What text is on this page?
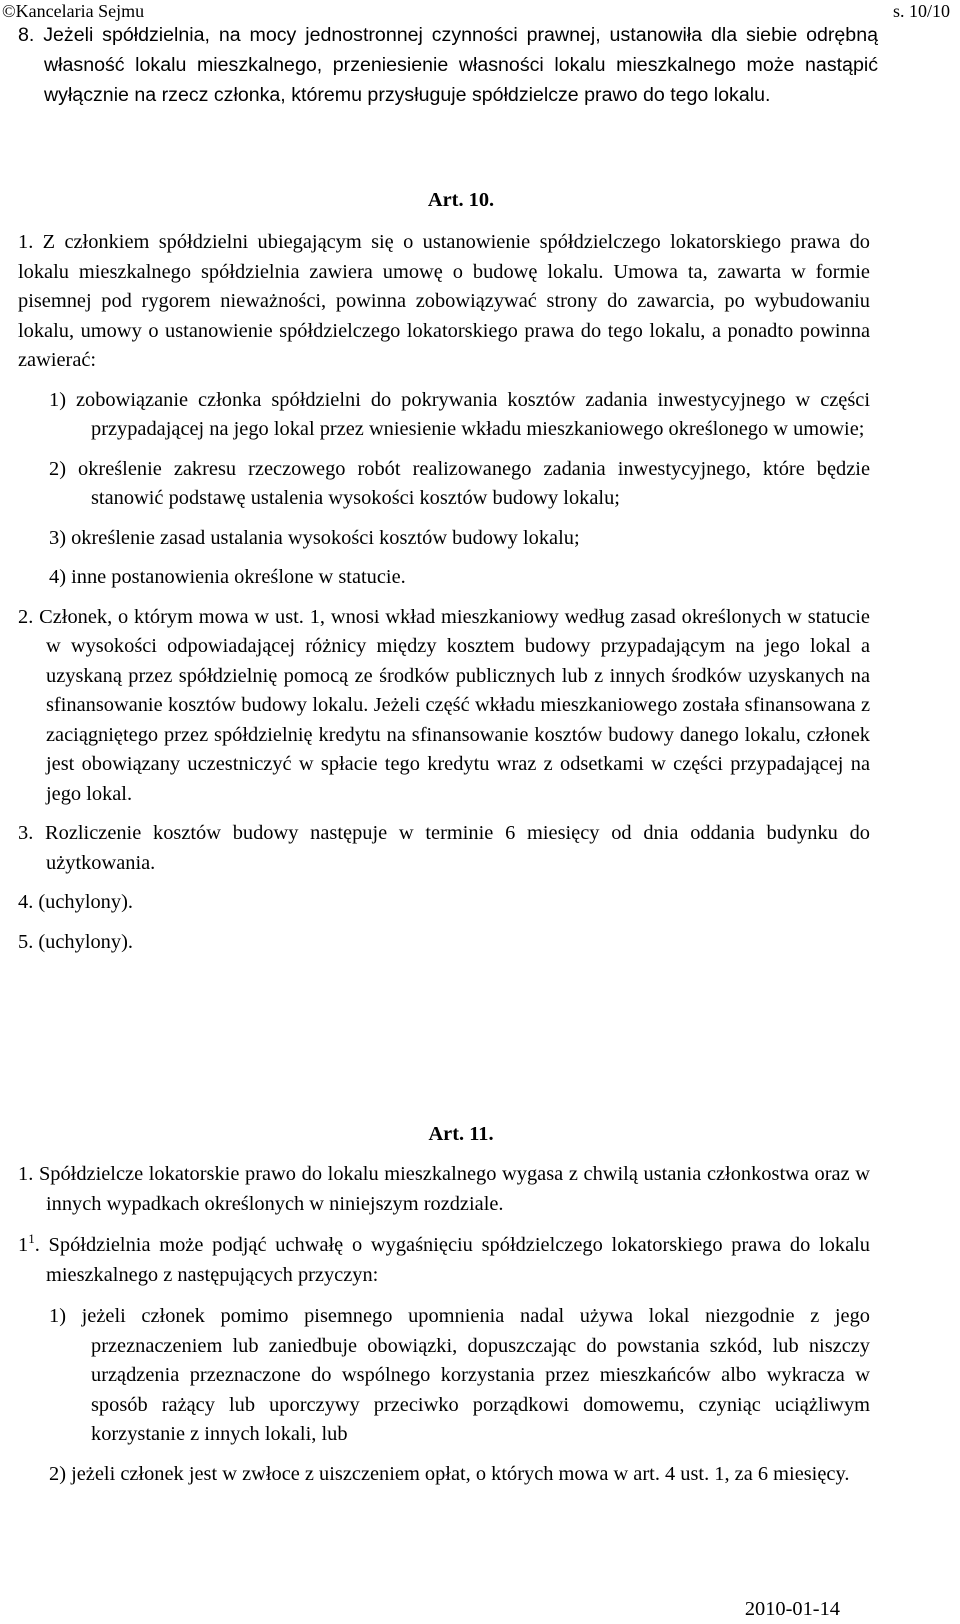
©Kancelaria Sejmu	s. 10/10

8. Jeżeli spółdzielnia, na mocy jednostronnej czynności prawnej, ustanowiła dla siebie odrębną własność lokalu mieszkalnego, przeniesienie własności lokalu mieszkalnego może nastąpić wyłącznie na rzecz członka, któremu przysługuje spółdzielcze prawo do tego lokalu.

Art. 10.

1. Z członkiem spółdzielni ubiegającym się o ustanowienie spółdzielczego lokatorskiego prawa do lokalu mieszkalnego spółdzielnia zawiera umowę o budowę lokalu. Umowa ta, zawarta w formie pisemnej pod rygorem nieważności, powinna zobowiązywać strony do zawarcia, po wybudowaniu lokalu, umowy o ustanowienie spółdzielczego lokatorskiego prawa do tego lokalu, a ponadto powinna zawierać:

1) zobowiązanie członka spółdzielni do pokrywania kosztów zadania inwestycyjnego w części przypadającej na jego lokal przez wniesienie wkładu mieszkaniowego określonego w umowie;

2) określenie zakresu rzeczowego robót realizowanego zadania inwestycyjnego, które będzie stanowić podstawę ustalenia wysokości kosztów budowy lokalu;

3) określenie zasad ustalania wysokości kosztów budowy lokalu;

4) inne postanowienia określone w statucie.

2. Członek, o którym mowa w ust. 1, wnosi wkład mieszkaniowy według zasad określonych w statucie w wysokości odpowiadającej różnicy między kosztem budowy przypadającym na jego lokal a uzyskaną przez spółdzielnię pomocą ze środków publicznych lub z innych środków uzyskanych na sfinansowanie kosztów budowy lokalu. Jeżeli część wkładu mieszkaniowego została sfinansowana z zaciągniętego przez spółdzielnię kredytu na sfinansowanie kosztów budowy danego lokalu, członek jest obowiązany uczestniczyć w spłacie tego kredytu wraz z odsetkami w części przypadającej na jego lokal.

3. Rozliczenie kosztów budowy następuje w terminie 6 miesięcy od dnia oddania budynku do użytkowania.

4. (uchylony).

5. (uchylony).

Art. 11.

1. Spółdzielcze lokatorskie prawo do lokalu mieszkalnego wygasa z chwilą ustania członkostwa oraz w innych wypadkach określonych w niniejszym rozdziale.

$1^1$. Spółdzielnia może podjąć uchwałę o wygaśnięciu spółdzielczego lokatorskiego prawa do lokalu mieszkalnego z następujących przyczyn:

1) jeżeli członek pomimo pisemnego upomnienia nadal używa lokal niezgodnie z jego przeznaczeniem lub zaniedbuje obowiązki, dopuszczając do powstania szkód, lub niszczy urządzenia przeznaczone do wspólnego korzystania przez mieszkańców albo wykracza w sposób rażący lub uporczywy przeciwko porządkowi domowemu, czyniąc uciążliwym korzystanie z innych lokali, lub

2) jeżeli członek jest w zwłoce z uiszczeniem opłat, o których mowa w art. 4 ust. 1, za 6 miesięcy.

2010-01-14
